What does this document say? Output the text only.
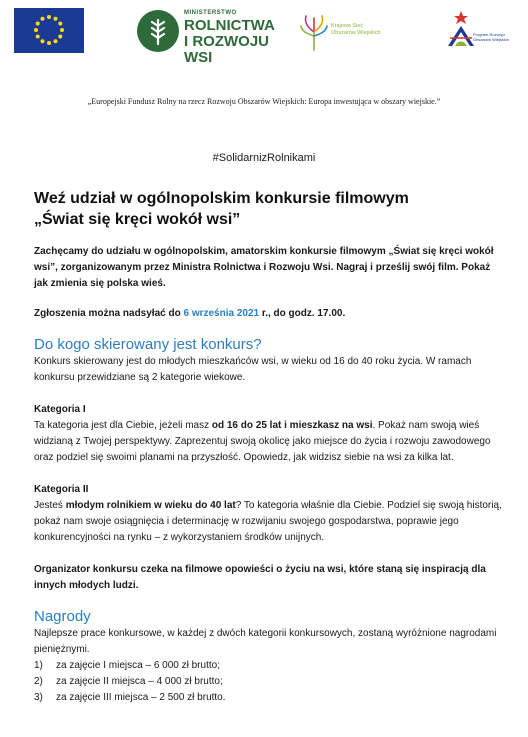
MINISTERSTWO
ROLNICTWA
I ROZWOJU WSI
Krajowa Sieć
Obszarów Wiejskich	Program Rozwoju Obszarów Wiejskich
„Europejski Fundusz Rolny na rzecz Rozwoju Obszarów Wiejskich: Europa inwestująca w obszary wiejskie.”
#SolidarnizRolnikami
Weź udział w ogólnopolskim konkursie filmowym
„Świat się kręci wokół wsi”

Zachęcamy do udziału w ogólnopolskim, amatorskim konkursie filmowym „Świat się kręci wokół wsi”, zorganizowanym przez Ministra Rolnictwa i Rozwoju Wsi. Nagraj i prześlij swój film. Pokaż jak zmienia się polska wieś.

Zgłoszenia można nadsyłać do 6 września 2021 r., do godz. 17.00.

Do kogo skierowany jest konkurs?

Konkurs skierowany jest do młodych mieszkańców wsi, w wieku od 16 do 40 roku życia. W ramach konkursu przewidziane są 2 kategorie wiekowe.

Kategoria I

Ta kategoria jest dla Ciebie, jeżeli masz od 16 do 25 lat i mieszkasz na wsi. Pokaż nam swoją wieś widzianą z Twojej perspektywy. Zaprezentuj swoją okolicę jako miejsce do życia i rozwoju zawodowego oraz podziel się swoimi planami na przyszłość. Opowiedz, jak widzisz siebie na wsi za kilka lat.

Kategoria II

Jesteś młodym rolnikiem w wieku do 40 lat? To kategoria właśnie dla Ciebie. Podziel się swoją historią, pokaż nam swoje osiągnięcia i determinację w rozwijaniu swojego gospodarstwa, poprawie jego konkurencyjności na rynku – z wykorzystaniem środków unijnych.

Organizator konkursu czeka na filmowe opowieści o życiu na wsi, które staną się inspiracją dla innych młodych ludzi.

Nagrody

Najlepsze prace konkursowe, w każdej z dwóch kategorii konkursowych, zostaną wyróżnione nagrodami pieniężnymi.

1) za zajęcie I miejsca – 6 000 zł brutto;
2) za zajęcie II miejsca – 4 000 zł brutto;
3) za zajęcie III miejsca – 2 500 zł brutto.
